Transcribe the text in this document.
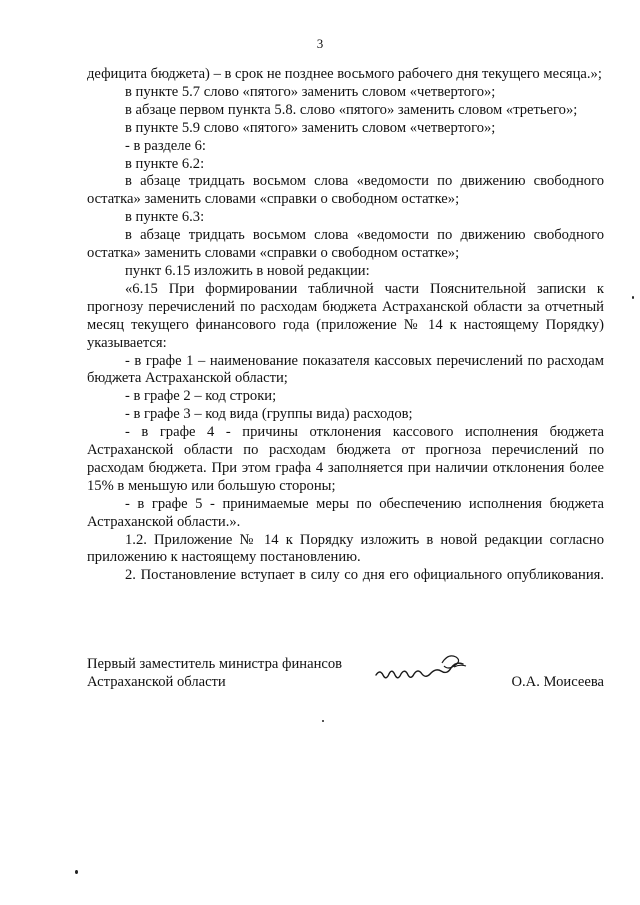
3

дефицита бюджета) – в срок не позднее восьмого рабочего дня текущего месяца.»;

в пункте 5.7 слово «пятого» заменить словом «четвертого»;

в абзаце первом пункта 5.8. слово «пятого» заменить словом «третьего»;

в пункте 5.9 слово «пятого» заменить словом «четвертого»;

- в разделе 6:

в пункте 6.2:

в абзаце тридцать восьмом слова «ведомости по движению свободного остатка» заменить словами «справки о свободном остатке»;

в пункте 6.3:

в абзаце тридцать восьмом слова «ведомости по движению свободного остатка» заменить словами «справки о свободном остатке»;

пункт 6.15 изложить в новой редакции:

«6.15 При формировании табличной части Пояснительной записки к прогнозу перечислений по расходам бюджета Астраханской области за отчетный месяц текущего финансового года (приложение № 14 к настоящему Порядку) указывается:

- в графе 1 – наименование показателя кассовых перечислений по расходам бюджета Астраханской области;

- в графе 2 – код строки;

- в графе 3 – код вида (группы вида) расходов;

- в графе 4 - причины отклонения кассового исполнения бюджета Астраханской области по расходам бюджета от прогноза перечислений по расходам бюджета. При этом графа 4 заполняется при наличии отклонения более 15% в меньшую или большую стороны;

- в графе 5 - принимаемые меры по обеспечению исполнения бюджета Астраханской области.».

1.2. Приложение № 14 к Порядку изложить в новой редакции согласно приложению к настоящему постановлению.

2. Постановление вступает в силу со дня его официального опубликования.

Первый заместитель министра финансов
Астраханской области	О.А. Моисеева
